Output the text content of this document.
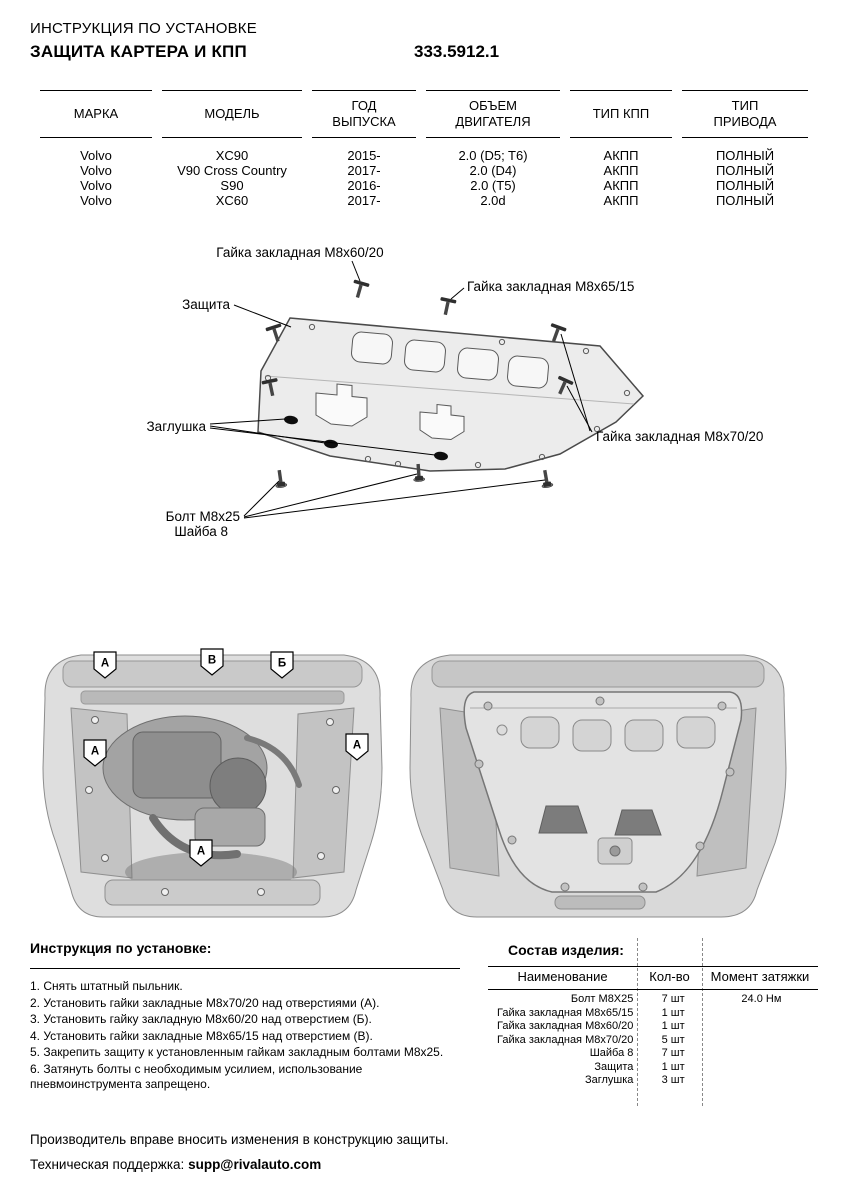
ИНСТРУКЦИЯ ПО УСТАНОВКЕ
ЗАЩИТА КАРТЕРА И КПП	333.5912.1
МАРКА	МОДЕЛЬ	ГОД
ВЫПУСКА	ОБЪЕМ
ДВИГАТЕЛЯ	ТИП КПП	ТИП
ПРИВОДА

Volvo	XC90	2015-	2.0 (D5; T6)	АКПП	ПОЛНЫЙ
Volvo	V90 Cross Country	2017-	2.0 (D4)	АКПП	ПОЛНЫЙ
Volvo	S90	2016-	2.0 (T5)	АКПП	ПОЛНЫЙ
Volvo	XC60	2017-	2.0d	АКПП	ПОЛНЫЙ
Гайка закладная M8x60/20
Гайка закладная M8x65/15
Защита
Заглушка
Гайка закладная M8x70/20
Болт M8x25
Шайба 8
А	В	Б
А	А
А
Инструкция по установке:
1. Снять штатный пыльник.
2. Установить гайки закладные M8x70/20 над отверстиями (А).
3. Установить гайку закладную M8x60/20 над отверстием (Б).
4. Установить гайки закладные M8x65/15 над отверстием (В).
5. Закрепить защиту к установленным гайкам закладным болтами M8x25.
6. Затянуть болты с необходимым усилием, использование пневмоинструмента запрещено.
Состав изделия:
Наименование	Кол-во	Момент затяжки
Болт M8X25	7 шт	24.0 Нм
Гайка закладная M8x65/15	1 шт
Гайка закладная M8x60/20	1 шт
Гайка закладная M8x70/20	5 шт
Шайба 8	7 шт
Защита	1 шт
Заглушка	3 шт
Производитель вправе вносить изменения в конструкцию защиты.
Техническая поддержка: supp@rivalauto.com
